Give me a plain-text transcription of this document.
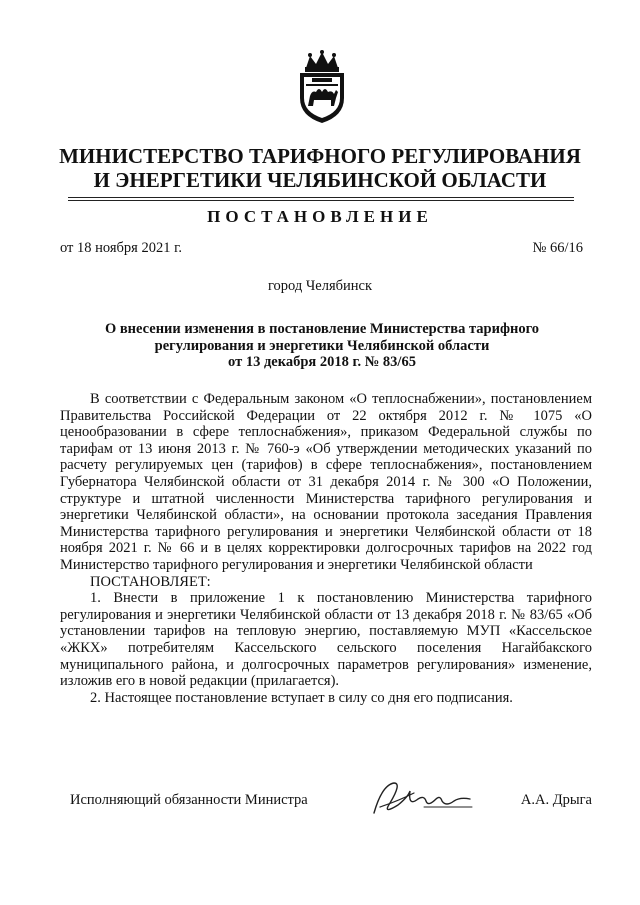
МИНИСТЕРСТВО ТАРИФНОГО РЕГУЛИРОВАНИЯ
И ЭНЕРГЕТИКИ ЧЕЛЯБИНСКОЙ ОБЛАСТИ
ПОСТАНОВЛЕНИЕ
от 18 ноября 2021 г.	№ 66/16
город Челябинск
О внесении изменения в постановление Министерства тарифного
регулирования и энергетики Челябинской области
от 13 декабря 2018 г. № 83/65

В соответствии с Федеральным законом «О теплоснабжении», постановлением Правительства Российской Федерации от 22 октября 2012 г. № 1075 «О ценообразовании в сфере теплоснабжения», приказом Федеральной службы по тарифам от 13 июня 2013 г. № 760-э «Об утверждении методических указаний по расчету регулируемых цен (тарифов) в сфере теплоснабжения», постановлением Губернатора Челябинской области от 31 декабря 2014 г. № 300 «О Положении, структуре и штатной численности Министерства тарифного регулирования и энергетики Челябинской области», на основании протокола заседания Правления Министерства тарифного регулирования и энергетики Челябинской области от 18 ноября 2021 г. № 66 и в целях корректировки долгосрочных тарифов на 2022 год Министерство тарифного регулирования и энергетики Челябинской области

ПОСТАНОВЛЯЕТ:

1. Внести в приложение 1 к постановлению Министерства тарифного регулирования и энергетики Челябинской области от 13 декабря 2018 г. № 83/65 «Об установлении тарифов на тепловую энергию, поставляемую МУП «Кассельское «ЖКХ» потребителям Кассельского сельского поселения Нагайбакского муниципального района, и долгосрочных параметров регулирования» изменение, изложив его в новой редакции (прилагается).

2. Настоящее постановление вступает в силу со дня его подписания.

Исполняющий обязанности Министра	А.А. Дрыга
